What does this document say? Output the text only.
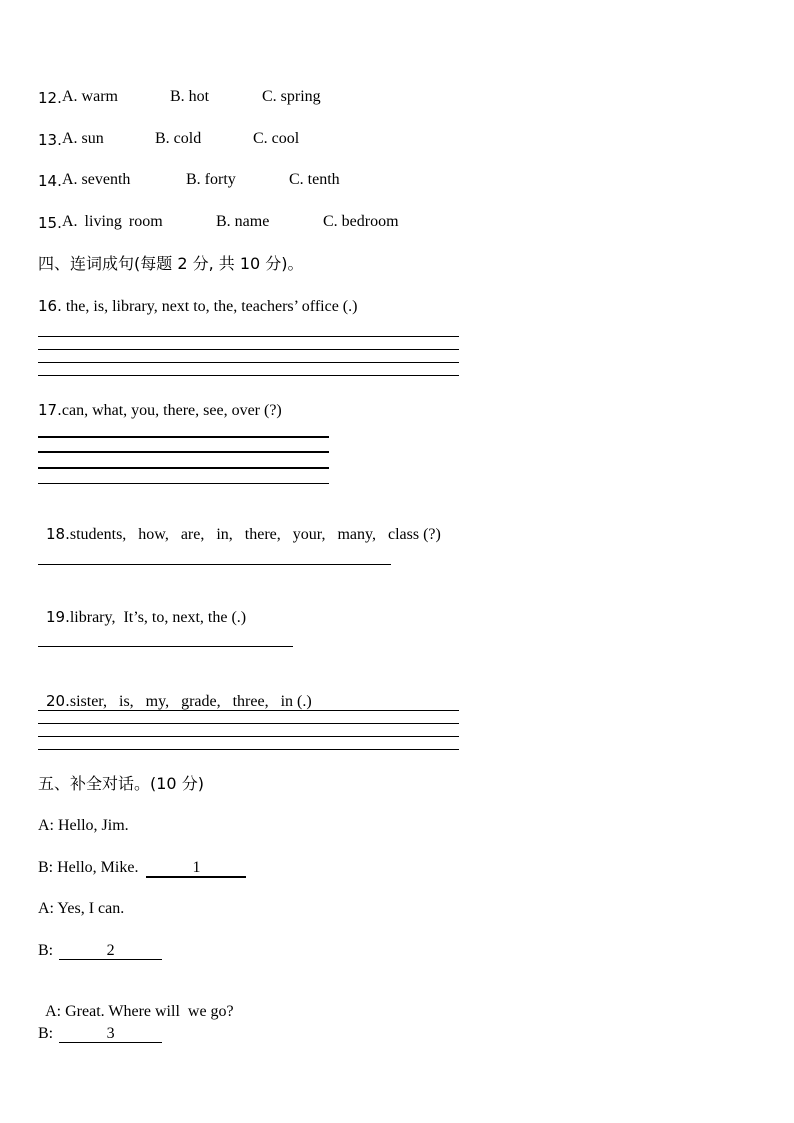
12. A. warm	B. hot	C. spring
13. A. sun	B. cold	C. cool
14. A. seventh	B. forty	C. tenth
15. A. living room	B. name	C. bedroom
四、连词成句(每题 2 分, 共 10 分)。
16. the, is, library, next to, the, teachers’ office (.)
17.can, what, you, there, see, over (?)

18.students,   how,   are,   in,   there,   your,   many,   class (?)

19.library,  It’s, to, next, the (.)

20.sister,   is,   my,   grade,   three,   in (.)

五、补全对话。(10 分)
A: Hello, Jim.
B: Hello, Mike.	1
A: Yes, I can.
B:	2

A: Great. Where will  we go?

B:	3
